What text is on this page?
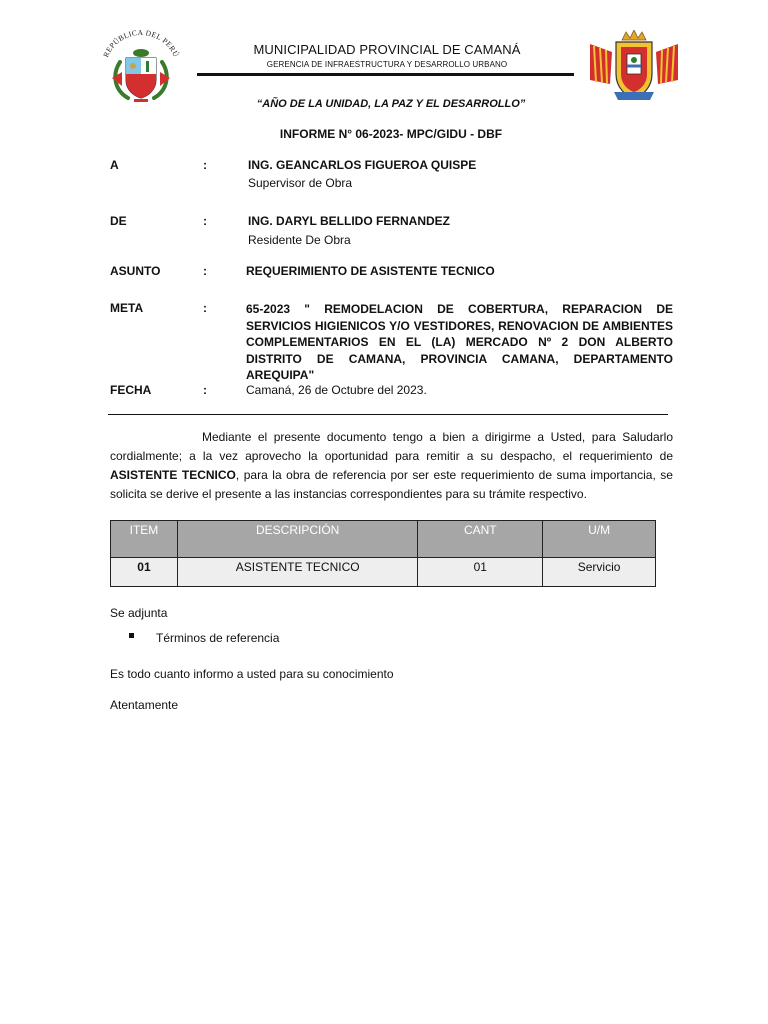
REPÚBLICA DEL PERÚ	MUNICIPALIDAD PROVINCIAL DE CAMANÁ
GERENCIA DE INFRAESTRUCTURA Y DESARROLLO URBANO
“AÑO DE LA UNIDAD, LA PAZ Y EL DESARROLLO”
INFORME N° 06-2023- MPC/GIDU - DBF
A	:	ING. GEANCARLOS FIGUEROA QUISPE
Supervisor de Obra
DE	:	ING. DARYL BELLIDO FERNANDEZ
Residente De Obra
ASUNTO	:	REQUERIMIENTO DE ASISTENTE TECNICO
META	:	65-2023 " REMODELACION DE COBERTURA, REPARACION DE SERVICIOS HIGIENICOS Y/O VESTIDORES, RENOVACION DE AMBIENTES COMPLEMENTARIOS EN EL (LA) MERCADO Nº 2 DON ALBERTO DISTRITO DE CAMANA, PROVINCIA CAMANA, DEPARTAMENTO AREQUIPA"
FECHA	:	Camaná, 26 de Octubre del 2023.
Mediante el presente documento tengo a bien a dirigirme a Usted, para Saludarlo cordialmente; a la vez aprovecho la oportunidad para remitir a su despacho, el requerimiento de ASISTENTE TECNICO, para la obra de referencia por ser este requerimiento de suma importancia, se solicita se derive el presente a las instancias correspondientes para su trámite respectivo.
ITEM	DESCRIPCIÓN	CANT	U/M
01	ASISTENTE TECNICO	01	Servicio
Se adjunta
Términos de referencia
Es todo cuanto informo a usted para su conocimiento
Atentamente
